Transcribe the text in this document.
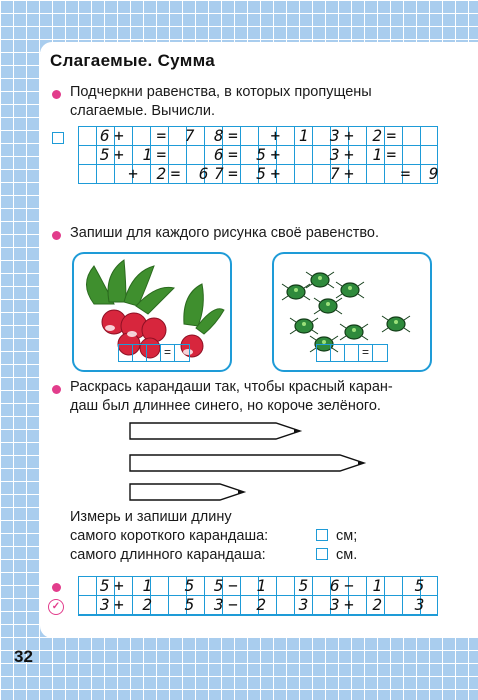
Слагаемые. Сумма
Подчеркни равенства, в которых пропущены
слагаемые. Вычисли.
6+  = 7 8=  + 1 3+ 2=
5+ 1=	6= 5+	3+ 1=
+ 2= 6 7= 5+	7+   = 9
Запиши для каждого рисунка своё равенство.
=	=
Раскрась карандаши так, чтобы красный каран-
даш был длиннее синего, но короче зелёного.
Измерь и запиши длину
самого короткого карандаша:	см;
самого длинного карандаша:	см.
✓
5+ 1  5 5− 1  5 6− 1  5
3+ 2  5 3− 2  3 3+ 2  3
32
